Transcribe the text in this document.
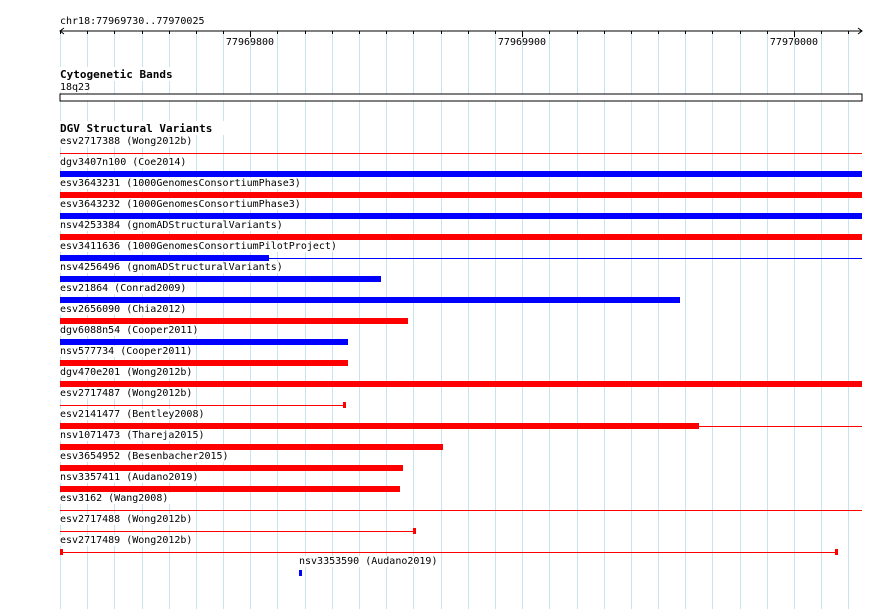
chr18:77969730..77970025
77969800	77969900	77970000
Cytogenetic Bands
18q23
DGV Structural Variants
esv2717388 (Wong2012b)
dgv3407n100 (Coe2014)
esv3643231 (1000GenomesConsortiumPhase3)
esv3643232 (1000GenomesConsortiumPhase3)
nsv4253384 (gnomADStructuralVariants)
esv3411636 (1000GenomesConsortiumPilotProject)
nsv4256496 (gnomADStructuralVariants)
esv21864 (Conrad2009)
esv2656090 (Chia2012)
dgv6088n54 (Cooper2011)
nsv577734 (Cooper2011)
dgv470e201 (Wong2012b)
esv2717487 (Wong2012b)
esv2141477 (Bentley2008)
nsv1071473 (Thareja2015)
esv3654952 (Besenbacher2015)
nsv3357411 (Audano2019)
esv3162 (Wang2008)
esv2717488 (Wong2012b)
esv2717489 (Wong2012b)
nsv3353590 (Audano2019)
